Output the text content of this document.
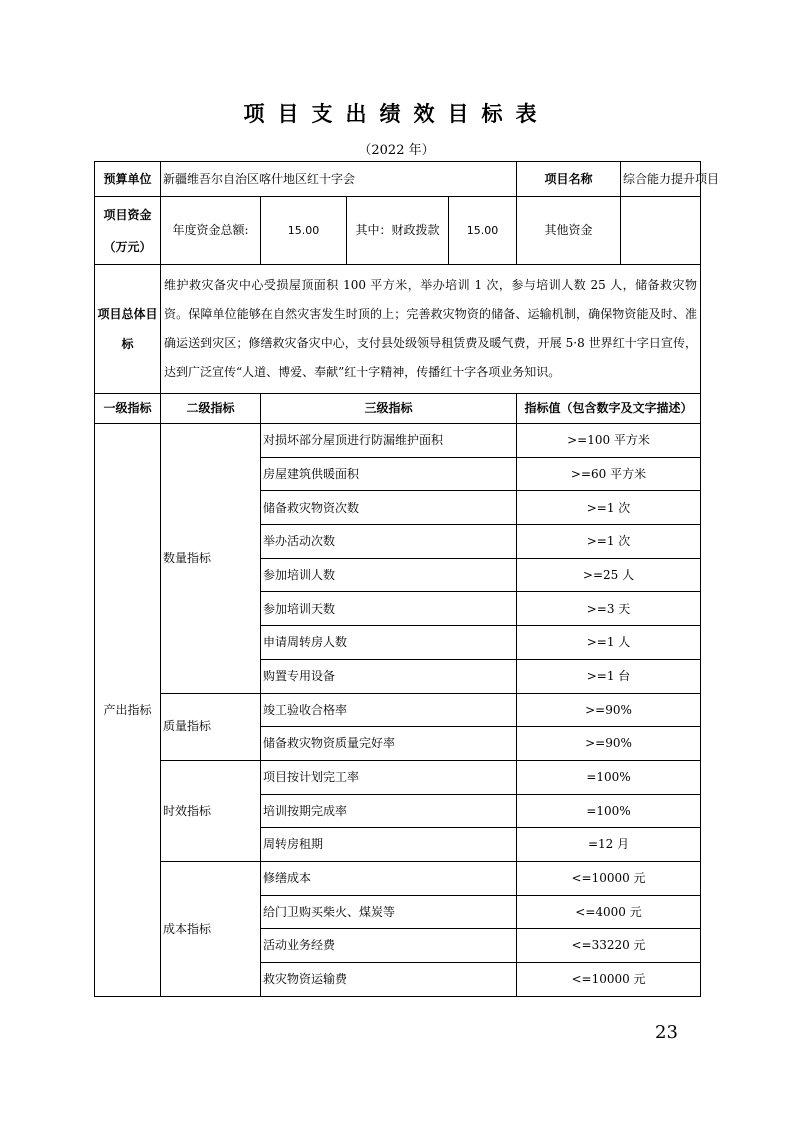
项目支出绩效目标表
（2022 年）
预算单位	新疆维吾尔自治区喀什地区红十字会				项目名称	综合能力提升项目
项目资金（万元）	年度资金总额:	15.00	其中：财政拨款	15.00	其他资金	
项目总体目标	维护救灾备灾中心受损屋顶面积 100 平方米，举办培训 1 次，参与培训人数 25 人，储备救灾物资。保障单位能够在自然灾害发生时顶的上；完善救灾物资的储备、运输机制，确保物资能及时、准确运送到灾区；修缮救灾备灾中心，支付县处级领导租赁费及暖气费，开展 5·8 世界红十字日宣传，达到广泛宣传“人道、博爱、奉献”红十字精神，传播红十字各项业务知识。					
一级指标	二级指标	三级指标			指标值（包含数字及文字描述）	
产出指标	数量指标	对损坏部分屋顶进行防漏维护面积			>=100 平方米	
		房屋建筑供暖面积			>=60 平方米	
		储备救灾物资次数			>=1 次	
		举办活动次数			>=1 次	
		参加培训人数			>=25 人	
		参加培训天数			>=3 天	
		申请周转房人数			>=1 人	
		购置专用设备			>=1 台	
	质量指标	竣工验收合格率			>=90%	
		储备救灾物资质量完好率			>=90%	
	时效指标	项目按计划完工率			=100%	
		培训按期完成率			=100%	
		周转房租期			=12 月	
	成本指标	修缮成本			<=10000 元	
		给门卫购买柴火、煤炭等			<=4000 元	
		活动业务经费			<=33220 元	
		救灾物资运输费			<=10000 元	
23
